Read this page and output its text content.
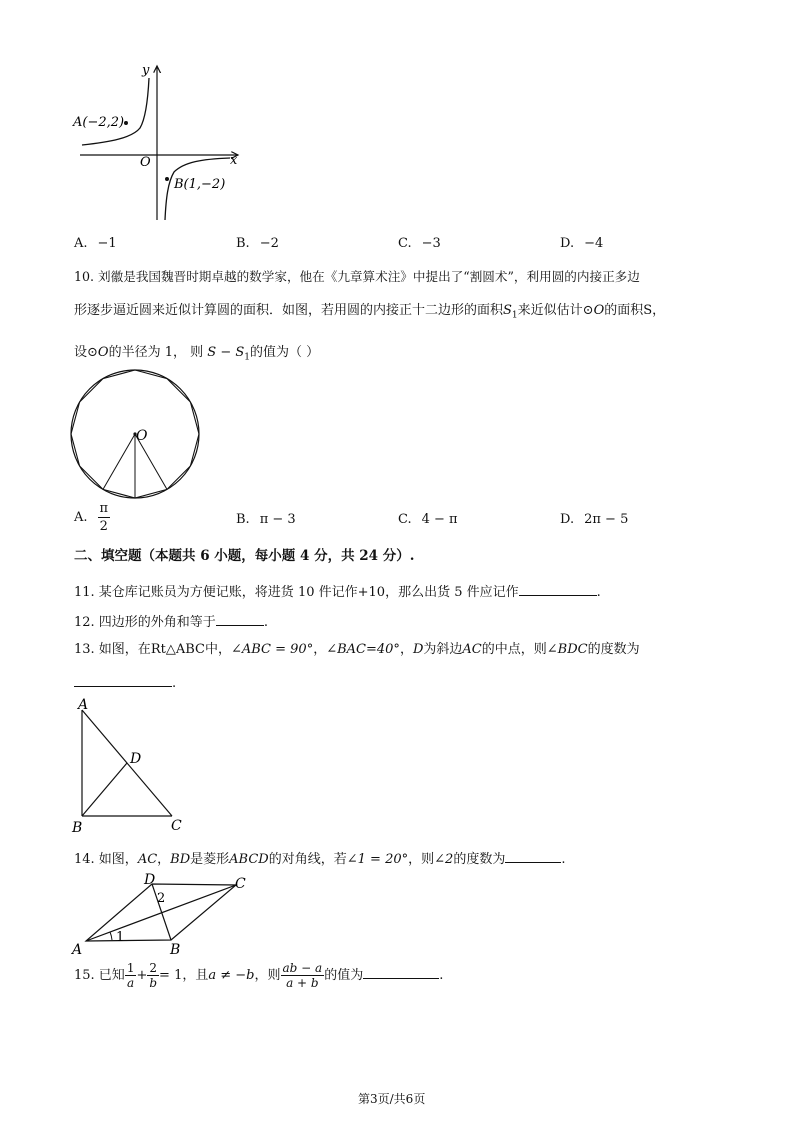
A(−2,2)
B(1,−2)
O	x
y
A. −1	B. −2	C. −3	D. −4
10. 刘徽是我国魏晋时期卓越的数学家，他在《九章算术注》中提出了“割圆术”，利用圆的内接正多边
形逐步逼近圆来近似计算圆的面积．如图，若用圆的内接正十二边形的面积$S_1$来近似估计⊙O的面积S，
设⊙O的半径为 1， 则 $S - S_1$的值为（ ）
O
A. $\frac{\pi}{2}$	B. π − 3	C. 4 − π	D. 2π − 5
二、填空题（本题共 6 小题，每小题 4 分，共 24 分）.
11. 某仓库记账员为方便记账，将进货 10 件记作+10，那么出货 5 件应记作	.
12. 四边形的外角和等于	.
13. 如图，在Rt△ABC中，∠ABC = 90°，∠BAC=40°，D为斜边AC的中点，则∠BDC的度数为
.
A
B	C
D
14. 如图，AC，BD是菱形ABCD的对角线，若∠1 = 20°，则∠2的度数为	.
A	B
C
D
1
2
15. 已知 $\frac{1}{a} + \frac{2}{b} = 1$，且a ≠ −b，则 $\frac{ab - a}{a + b}$ 的值为	.
第3页/共6页
